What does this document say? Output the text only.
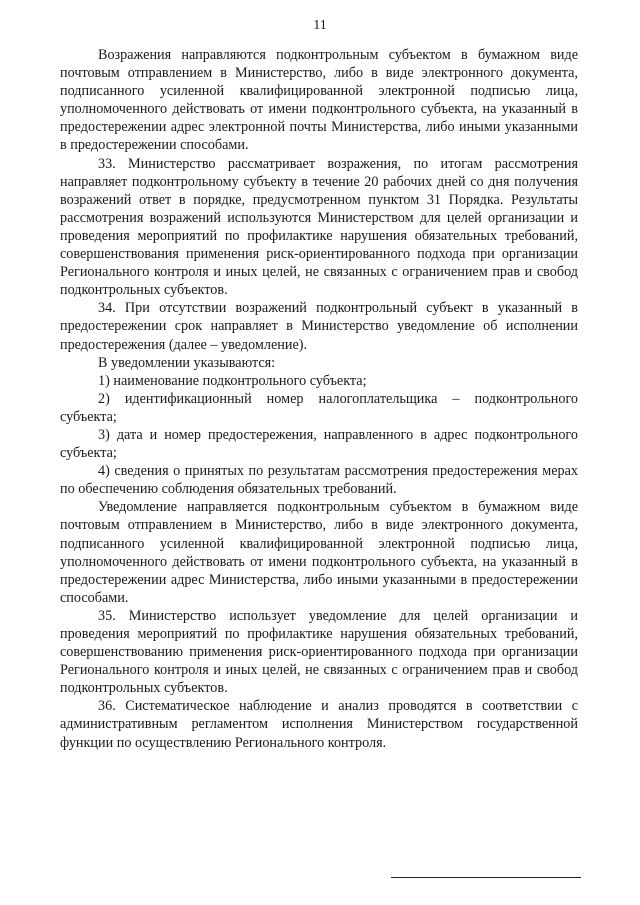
11

Возражения направляются подконтрольным субъектом в бумажном виде почтовым отправлением в Министерство, либо в виде электронного документа, подписанного усиленной квалифицированной электронной подписью лица, уполномоченного действовать от имени подконтрольного субъекта, на указанный в предостережении адрес электронной почты Министерства, либо иными указанными в предостережении способами.

33. Министерство рассматривает возражения, по итогам рассмотрения направляет подконтрольному субъекту в течение 20 рабочих дней со дня получения возражений ответ в порядке, предусмотренном пунктом 31 Порядка. Результаты рассмотрения возражений используются Министерством для целей организации и проведения мероприятий по профилактике нарушения обязательных требований, совершенствования применения риск-ориентированного подхода при организации Регионального контроля и иных целей, не связанных с ограничением прав и свобод подконтрольных субъектов.

34. При отсутствии возражений подконтрольный субъект в указанный в предостережении срок направляет в Министерство уведомление об исполнении предостережения (далее – уведомление).

В уведомлении указываются:

1) наименование подконтрольного субъекта;

2) идентификационный номер налогоплательщика – подконтрольного субъекта;

3) дата и номер предостережения, направленного в адрес подконтрольного субъекта;

4) сведения о принятых по результатам рассмотрения предостережения мерах по обеспечению соблюдения обязательных требований.

Уведомление направляется подконтрольным субъектом в бумажном виде почтовым отправлением в Министерство, либо в виде электронного документа, подписанного усиленной квалифицированной электронной подписью лица, уполномоченного действовать от имени подконтрольного субъекта, на указанный в предостережении адрес Министерства, либо иными указанными в предостережении способами.

35. Министерство использует уведомление для целей организации и проведения мероприятий по профилактике нарушения обязательных требований, совершенствованию применения риск-ориентированного подхода при организации Регионального контроля и иных целей, не связанных с ограничением прав и свобод подконтрольных субъектов.

36. Систематическое наблюдение и анализ проводятся в соответствии с административным регламентом исполнения Министерством государственной функции по осуществлению Регионального контроля.
